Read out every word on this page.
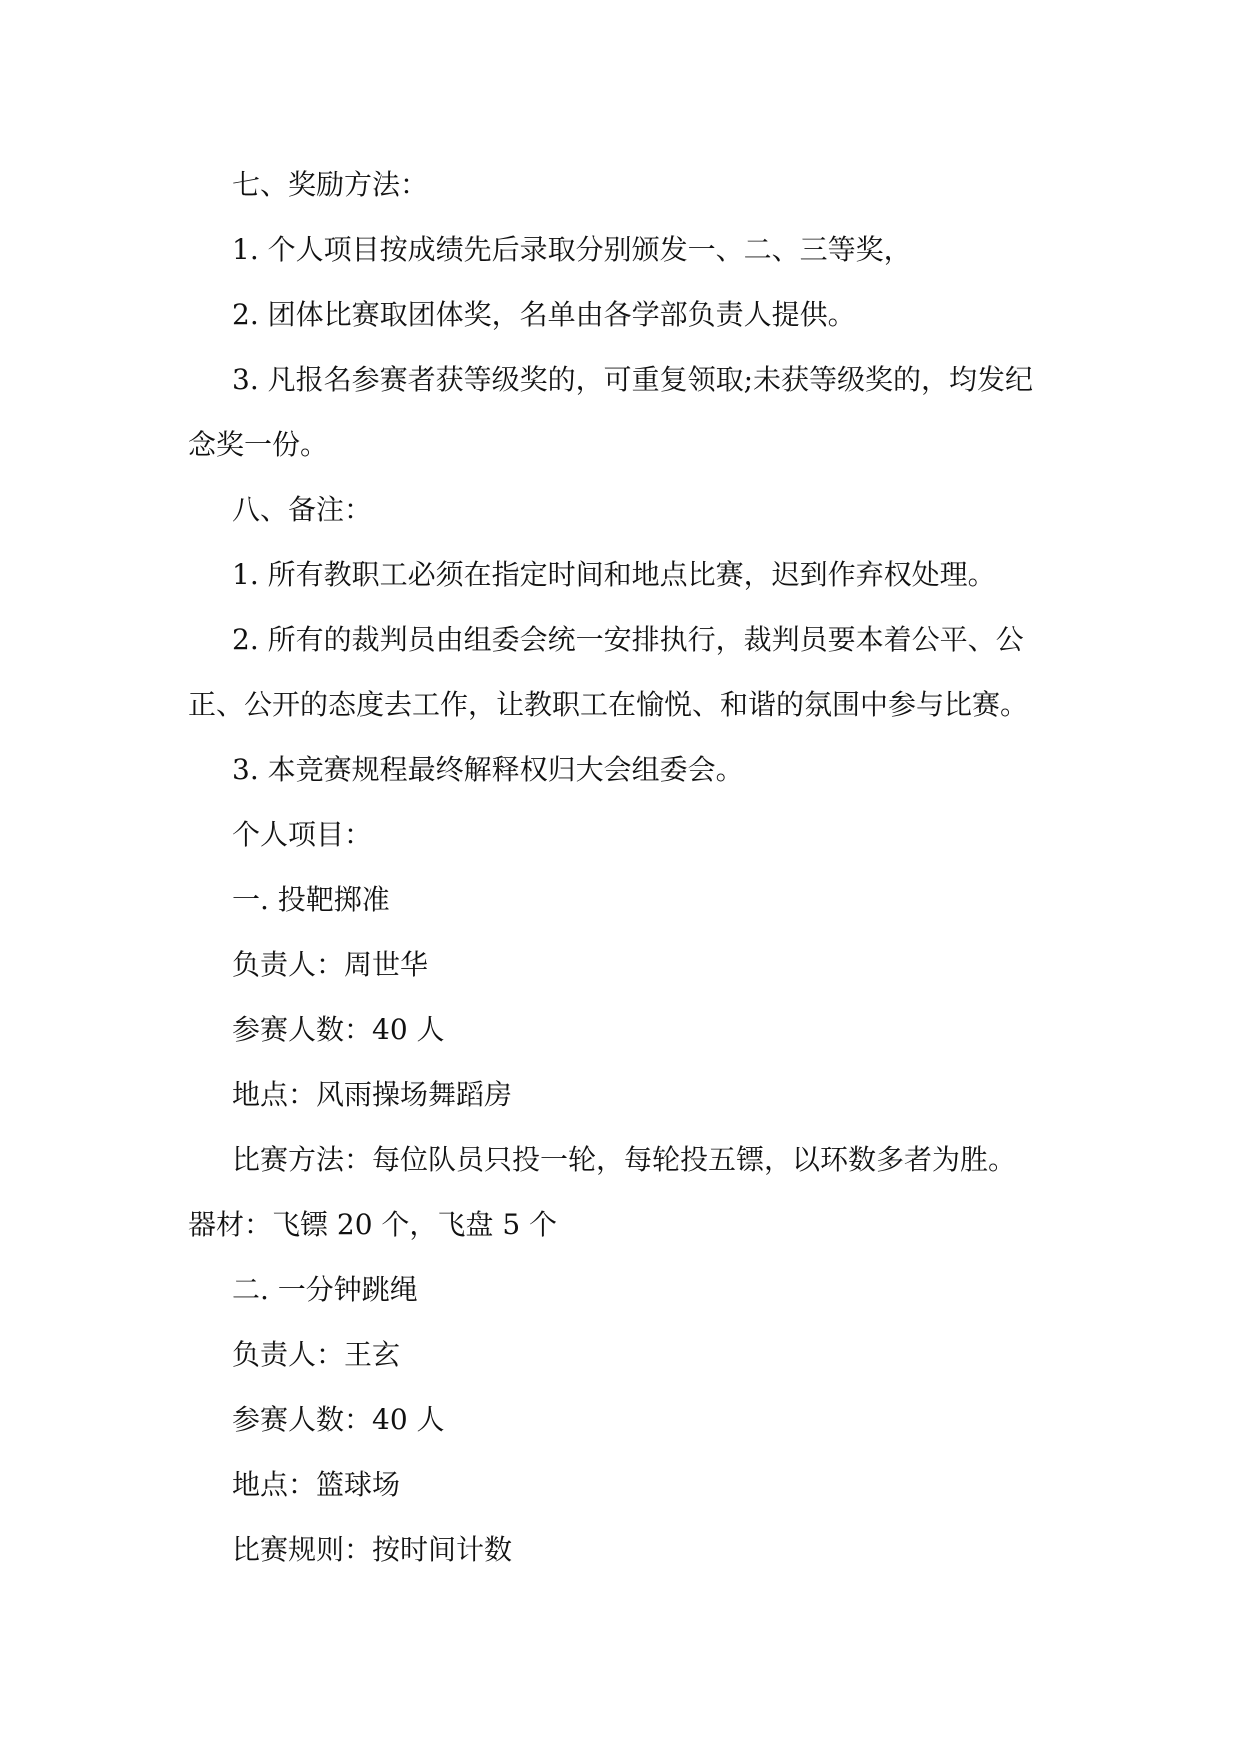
七、奖励方法：

1. 个人项目按成绩先后录取分别颁发一、二、三等奖，

2. 团体比赛取团体奖，名单由各学部负责人提供。

3. 凡报名参赛者获等级奖的，可重复领取;未获等级奖的，均发纪

念奖一份。

八、备注：

1. 所有教职工必须在指定时间和地点比赛，迟到作弃权处理。

2. 所有的裁判员由组委会统一安排执行，裁判员要本着公平、公

正、公开的态度去工作，让教职工在愉悦、和谐的氛围中参与比赛。

3. 本竞赛规程最终解释权归大会组委会。

个人项目：

一. 投靶掷准

负责人：周世华

参赛人数：40 人

地点：风雨操场舞蹈房

比赛方法：每位队员只投一轮，每轮投五镖，以环数多者为胜。

器材：飞镖 20 个，飞盘 5 个

二. 一分钟跳绳

负责人：王玄

参赛人数：40 人

地点：篮球场

比赛规则：按时间计数
